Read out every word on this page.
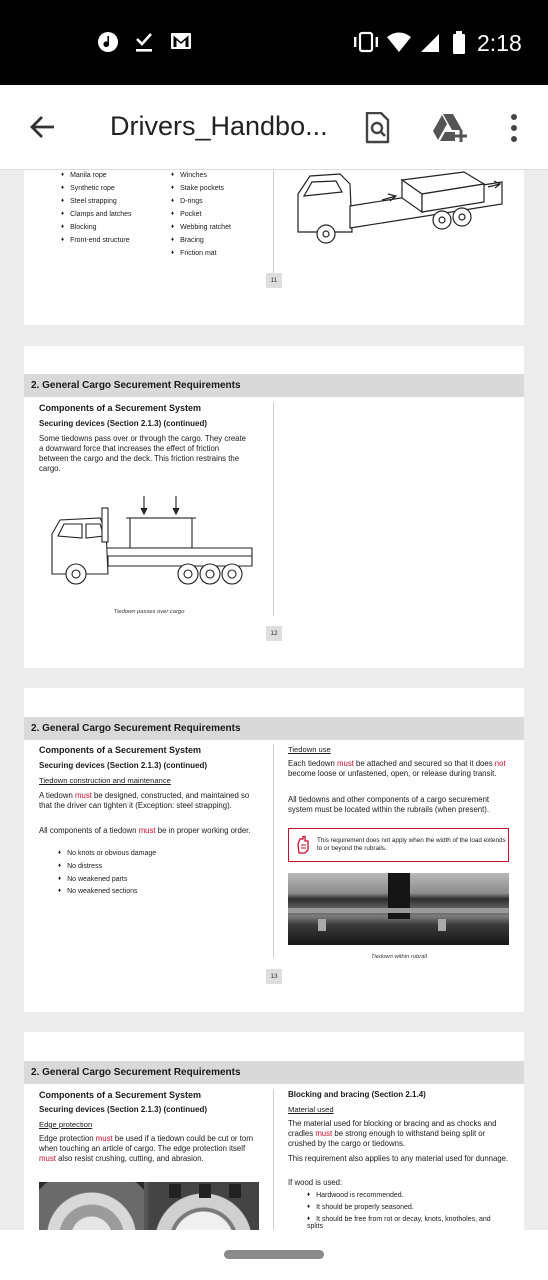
2:18
Drivers_Handbo...
♦ Manila rope
♦ Synthetic rope
♦ Steel strapping
♦ Clamps and latches
♦ Blocking
♦ Front-end structure
♦ Winches
♦ Stake pockets
♦ D-rings
♦ Pocket
♦ Webbing ratchet
♦ Bracing
♦ Friction mat
11
2. General Cargo Securement Requirements
Components of a Securement System
Securing devices (Section 2.1.3) (continued)
Some tiedowns pass over or through the cargo. They create a downward force that increases the effect of friction between the cargo and the deck. This friction restrains the cargo.
Tiedown passes over cargo
12
2. General Cargo Securement Requirements
Components of a Securement System
Securing devices (Section 2.1.3) (continued)
Tiedown construction and maintenance
A tiedown must be designed, constructed, and maintained so that the driver can tighten it (Exception: steel strapping).
All components of a tiedown must be in proper working order.
♦ No knots or obvious damage
♦ No distress
♦ No weakened parts
♦ No weakened sections
Tiedown use
Each tiedown must be attached and secured so that it does not become loose or unfastened, open, or release during transit.
All tiedowns and other components of a cargo securement system must be located within the rubrails (when present).
This requirement does not apply when the width of the load extends to or beyond the rubrails.
Tiedown within rubrail
13
2. General Cargo Securement Requirements
Components of a Securement System
Securing devices (Section 2.1.3) (continued)
Edge protection
Edge protection must be used if a tiedown could be cut or torn when touching an article of cargo. The edge protection itself must also resist crushing, cutting, and abrasion.
Blocking and bracing (Section 2.1.4)
Material used
The material used for blocking or bracing and as chocks and cradles must be strong enough to withstand being split or crushed by the cargo or tiedowns.
This requirement also applies to any material used for dunnage.
If wood is used:
♦ Hardwood is recommended.
♦ It should be properly seasoned.
♦ It should be free from rot or decay, knots, knotholes, and splits
